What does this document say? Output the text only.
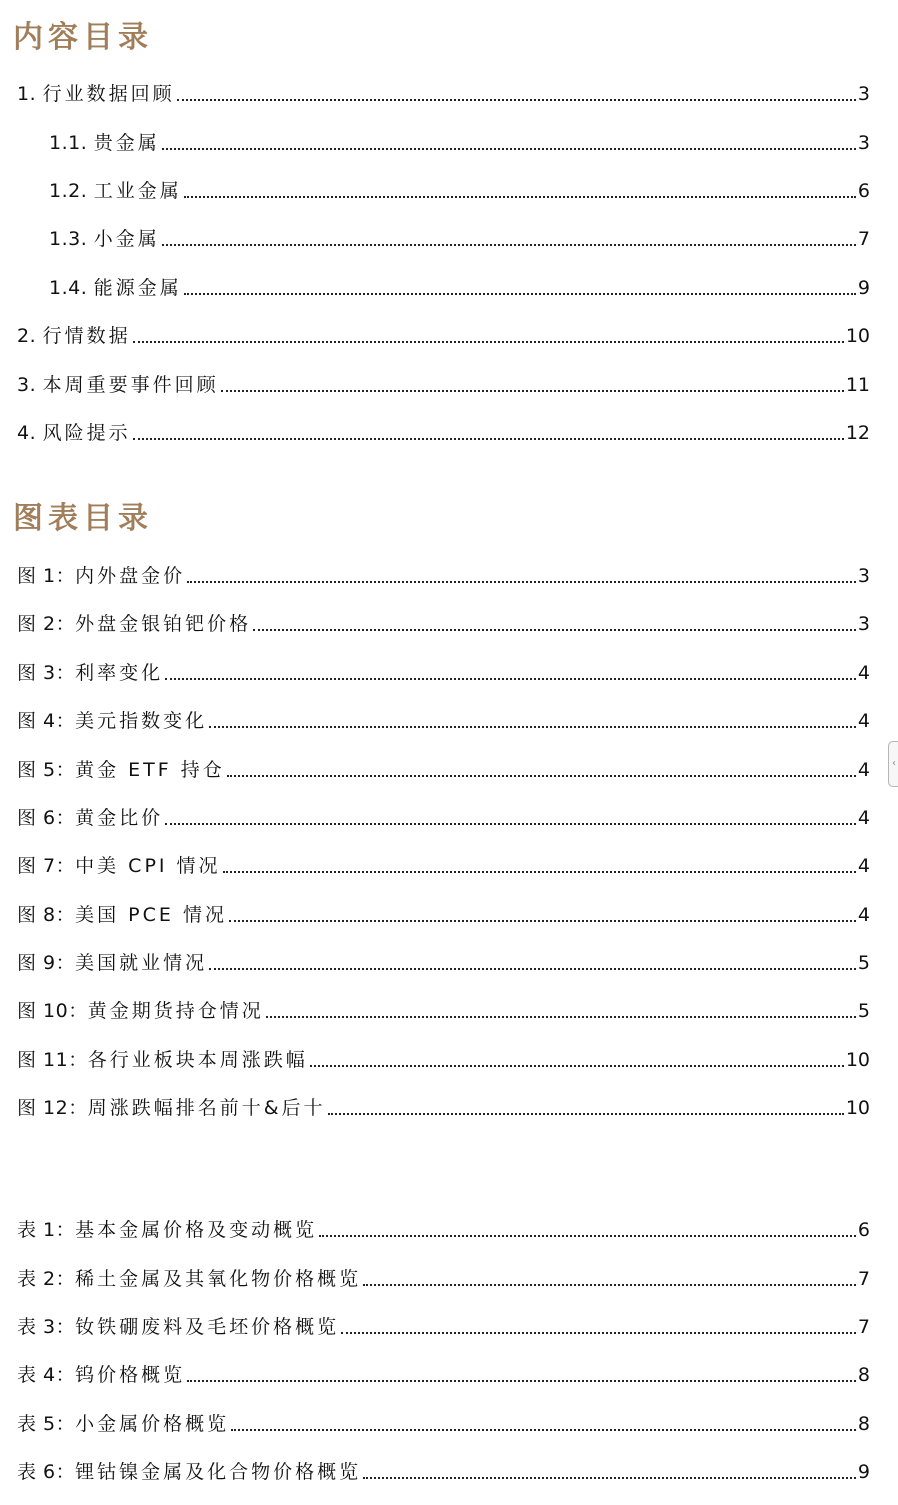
内容目录
1. 行业数据回顾	3
1.1. 贵金属	3
1.2. 工业金属	6
1.3. 小金属	7
1.4. 能源金属	9
2. 行情数据	10
3. 本周重要事件回顾	11
4. 风险提示	12
图表目录
图 1： 内外盘金价	3
图 2： 外盘金银铂钯价格	3
图 3： 利率变化	4
图 4： 美元指数变化	4
图 5： 黄金 ETF 持仓	4
图 6： 黄金比价	4
图 7： 中美 CPI 情况	4
图 8： 美国 PCE 情况	4
图 9： 美国就业情况	5
图 10： 黄金期货持仓情况	5
图 11： 各行业板块本周涨跌幅	10
图 12： 周涨跌幅排名前十&后十	10
表 1： 基本金属价格及变动概览	6
表 2： 稀土金属及其氧化物价格概览	7
表 3： 钕铁硼废料及毛坯价格概览	7
表 4： 钨价格概览	8
表 5： 小金属价格概览	8
表 6： 锂钴镍金属及化合物价格概览	9
‹
